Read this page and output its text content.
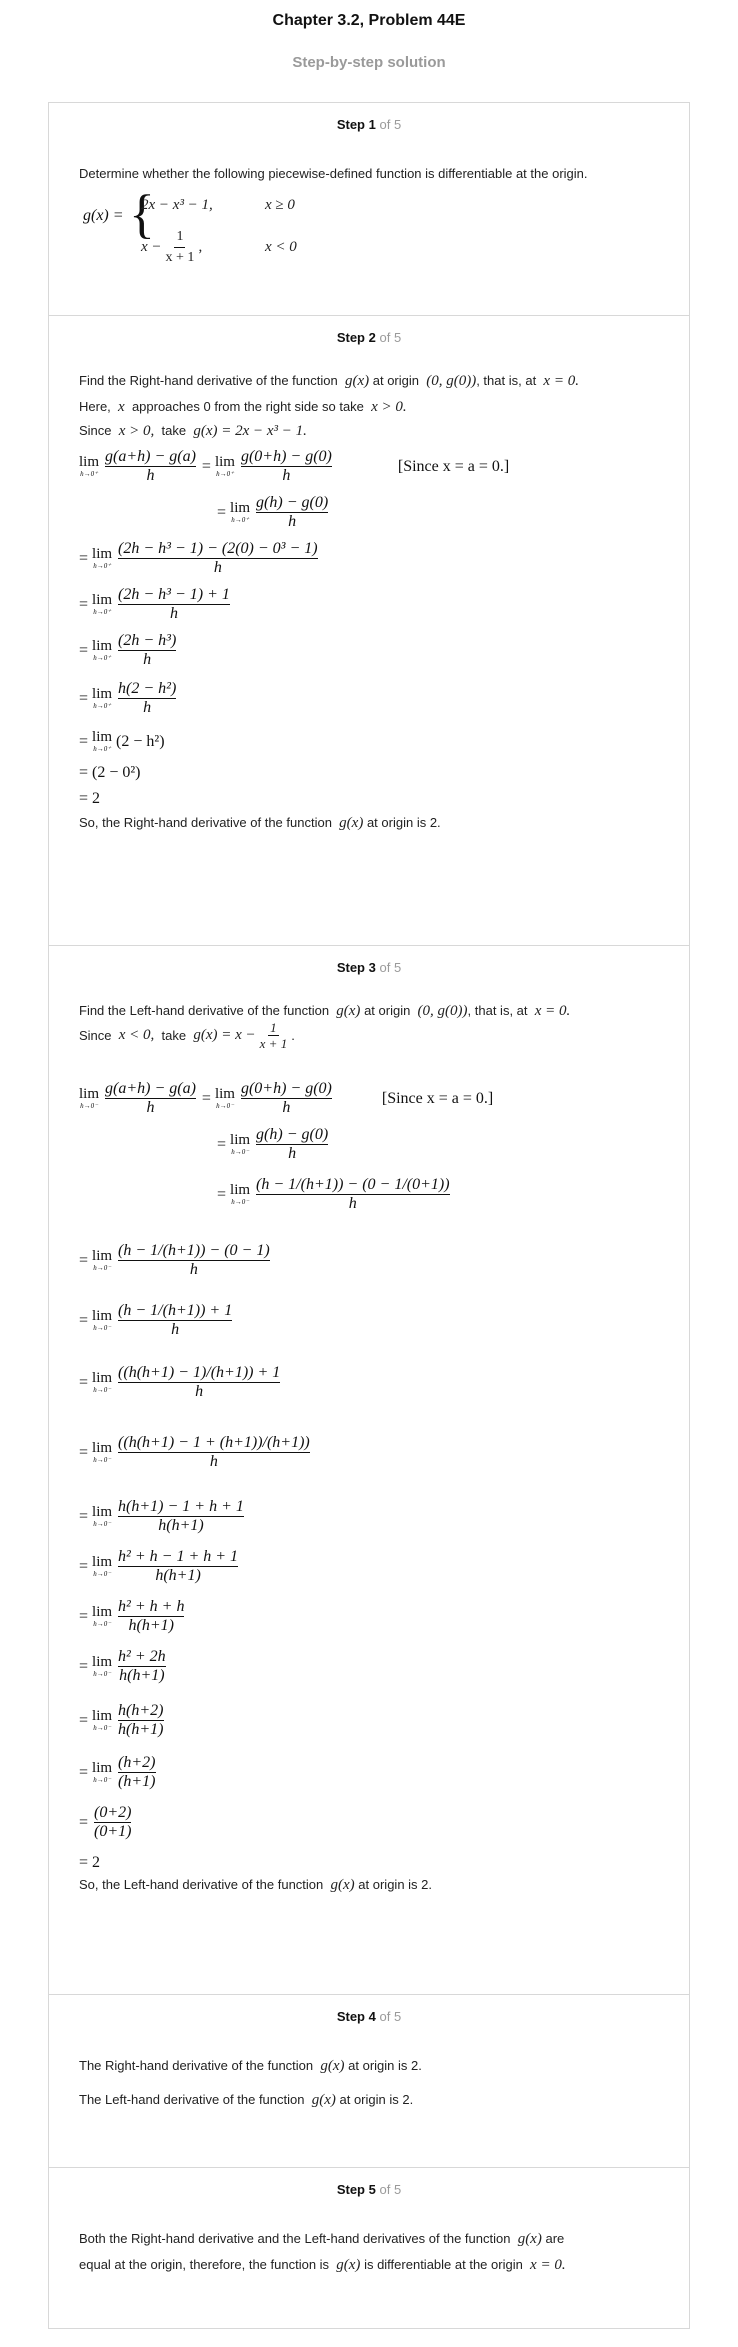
Chapter 3.2, Problem 44E
Step-by-step solution
Step 1 of 5

Determine whether the following piecewise-defined function is differentiable at the origin.

g(x) = {
2x − x³ − 1,	x ≥ 0
$x - \frac{1}{x + 1}$ ,	x < 0
Step 2 of 5

Find the Right-hand derivative of the function g(x) at origin (0, g(0)), that is, at x = 0.

Here, x approaches 0 from the right side so take x > 0.

Since x > 0, take g(x) = 2x − x³ − 1.

lim
$h\to 0^+ \frac{g(a+h) - g(a)}{h} = \lim$
$h\to 0^+ \frac{g(0+h) - g(0)}{h}$	[Since x = a = 0.]
= lim
$h\to 0^+ \frac{g(h) - g(0)}{h}$
= lim
$h\to 0^+ \frac{\text{(2h − h³ − 1) − (2(0) − 0³ − 1)}}{h}$
= lim
$h\to 0^+ \frac{\text{(2h − h³ − 1) + 1}}{h}$
= lim
$h\to 0^+ \frac{\text{(2h − h³)}}{h}$
= lim
$h\to 0^+ \frac{\text{h(2 − h²)}}{h}$
= lim
h→0⁺ (2 − h²)
= (2 − 0²)
= 2

So, the Right-hand derivative of the function g(x) at origin is 2.

Step 3 of 5

Find the Left-hand derivative of the function g(x) at origin (0, g(0)), that is, at x = 0.

Since
x < 0,
take
$g(x) = x - \frac{1}{x + 1}$ .
lim
$h\to 0^- \frac{g(a+h) - g(a)}{h} = \lim$
$h\to 0^- \frac{g(0+h) - g(0)}{h}$	[Since x = a = 0.]
= lim
$h\to 0^- \frac{g(h) - g(0)}{h}$
= lim
$h\to 0^- \frac{(h - 1/(h+1)) - (0 - 1/(0+1))}{h}$
= lim
$h\to 0^- \frac{(h - 1/(h+1)) - (0 - 1)}{h}$
= lim
$h\to 0^- \frac{(h - 1/(h+1)) + 1}{h}$
= lim
$h\to 0^- \frac{((h(h+1) - 1)/(h+1)) + 1}{h}$
= lim
$h\to 0^- \frac{((h(h+1) - 1 + (h+1))/(h+1))}{h}$
= lim
$h\to 0^- \frac{h(h+1) - 1 + h + 1}{h(h+1)}$
= lim
$h\to 0^- \frac{\text{h² + h − 1 + h + 1}}{h(h+1)}$
= lim
$h\to 0^- \frac{\text{h² + h + h}}{h(h+1)}$
= lim
$h\to 0^- \frac{\text{h² + 2h}}{h(h+1)}$
= lim
$h\to 0^- \frac{h(h+2)}{h(h+1)}$
= lim
$h\to 0^- \frac{(h+2)}{(h+1)}$
= $\frac{(0+2)}{(0+1)}$
= 2

So, the Left-hand derivative of the function g(x) at origin is 2.

Step 4 of 5

The Right-hand derivative of the function g(x) at origin is 2.

The Left-hand derivative of the function g(x) at origin is 2.

Step 5 of 5

Both the Right-hand derivative and the Left-hand derivatives of the function g(x) are

equal at the origin, therefore, the function is g(x) is differentiable at the origin x = 0.
